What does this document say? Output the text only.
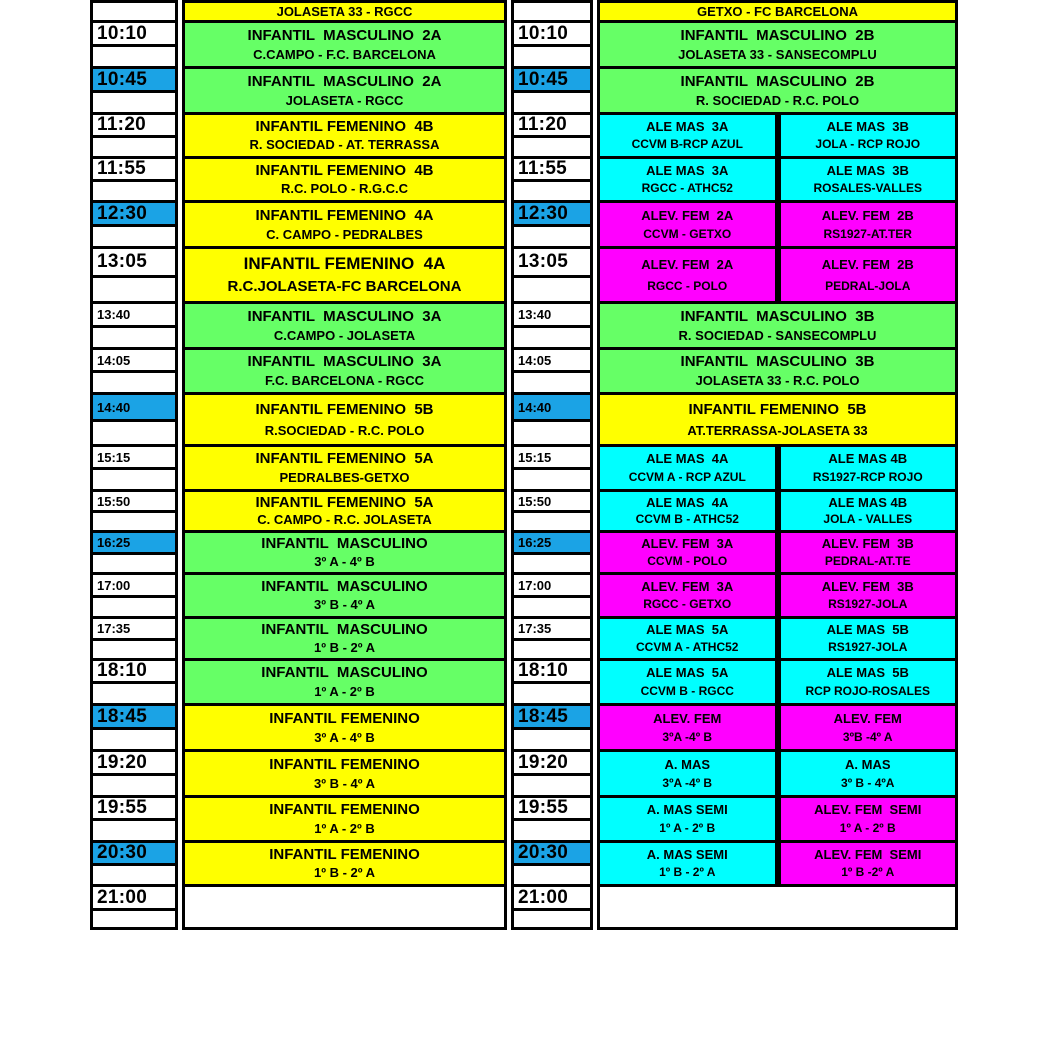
10:10
10:45
11:20
11:55
12:30
13:05
13:40
14:05
14:40
15:15
15:50
16:25
17:00
17:35
18:10
18:45
19:20
19:55
20:30
21:00
JOLASETA 33 - RGCC
INFANTIL  MASCULINO  2A
C.CAMPO - F.C. BARCELONA
INFANTIL  MASCULINO  2A
JOLASETA - RGCC
INFANTIL FEMENINO  4B
R. SOCIEDAD - AT. TERRASSA
INFANTIL FEMENINO  4B
R.C. POLO - R.G.C.C
INFANTIL FEMENINO  4A
C. CAMPO - PEDRALBES
INFANTIL FEMENINO  4A
R.C.JOLASETA-FC BARCELONA
INFANTIL  MASCULINO  3A
C.CAMPO - JOLASETA
INFANTIL  MASCULINO  3A
F.C. BARCELONA - RGCC
INFANTIL FEMENINO  5B
R.SOCIEDAD - R.C. POLO
INFANTIL FEMENINO  5A
PEDRALBES-GETXO
INFANTIL FEMENINO  5A
C. CAMPO - R.C. JOLASETA
INFANTIL  MASCULINO
3º A - 4º B
INFANTIL  MASCULINO
3º B - 4º A
INFANTIL  MASCULINO
1º B - 2º A
INFANTIL  MASCULINO
1º A - 2º B
INFANTIL FEMENINO
3º A - 4º B
INFANTIL FEMENINO
3º B - 4º A
INFANTIL FEMENINO
1º A - 2º B
INFANTIL FEMENINO
1º B - 2º A
10:10
10:45
11:20
11:55
12:30
13:05
13:40
14:05
14:40
15:15
15:50
16:25
17:00
17:35
18:10
18:45
19:20
19:55
20:30
21:00
GETXO - FC BARCELONA
INFANTIL  MASCULINO  2B
JOLASETA 33 - SANSECOMPLU
INFANTIL  MASCULINO  2B
R. SOCIEDAD - R.C. POLO
ALE MAS  3A
CCVM B-RCP AZUL
ALE MAS  3B
JOLA - RCP ROJO
ALE MAS  3A
RGCC - ATHC52
ALE MAS  3B
ROSALES-VALLES
ALEV. FEM  2A
CCVM - GETXO
ALEV. FEM  2B
RS1927-AT.TER
ALEV. FEM  2A
RGCC - POLO
ALEV. FEM  2B
PEDRAL-JOLA
INFANTIL  MASCULINO  3B
R. SOCIEDAD - SANSECOMPLU
INFANTIL  MASCULINO  3B
JOLASETA 33 - R.C. POLO
INFANTIL FEMENINO  5B
AT.TERRASSA-JOLASETA 33
ALE MAS  4A
CCVM A - RCP AZUL
ALE MAS 4B
RS1927-RCP ROJO
ALE MAS  4A
CCVM B - ATHC52
ALE MAS 4B
JOLA - VALLES
ALEV. FEM  3A
CCVM - POLO
ALEV. FEM  3B
PEDRAL-AT.TE
ALEV. FEM  3A
RGCC - GETXO
ALEV. FEM  3B
RS1927-JOLA
ALE MAS  5A
CCVM A - ATHC52
ALE MAS  5B
RS1927-JOLA
ALE MAS  5A
CCVM B - RGCC
ALE MAS  5B
RCP ROJO-ROSALES
ALEV. FEM
3ºA -4º B
ALEV. FEM
3ºB -4º A
A. MAS
3ºA -4º B
A. MAS
3º B - 4ºA
A. MAS SEMI
1º A - 2º B
ALEV. FEM  SEMI
1º A - 2º B
A. MAS SEMI
1º B - 2º A
ALEV. FEM  SEMI
1º B -2º A
